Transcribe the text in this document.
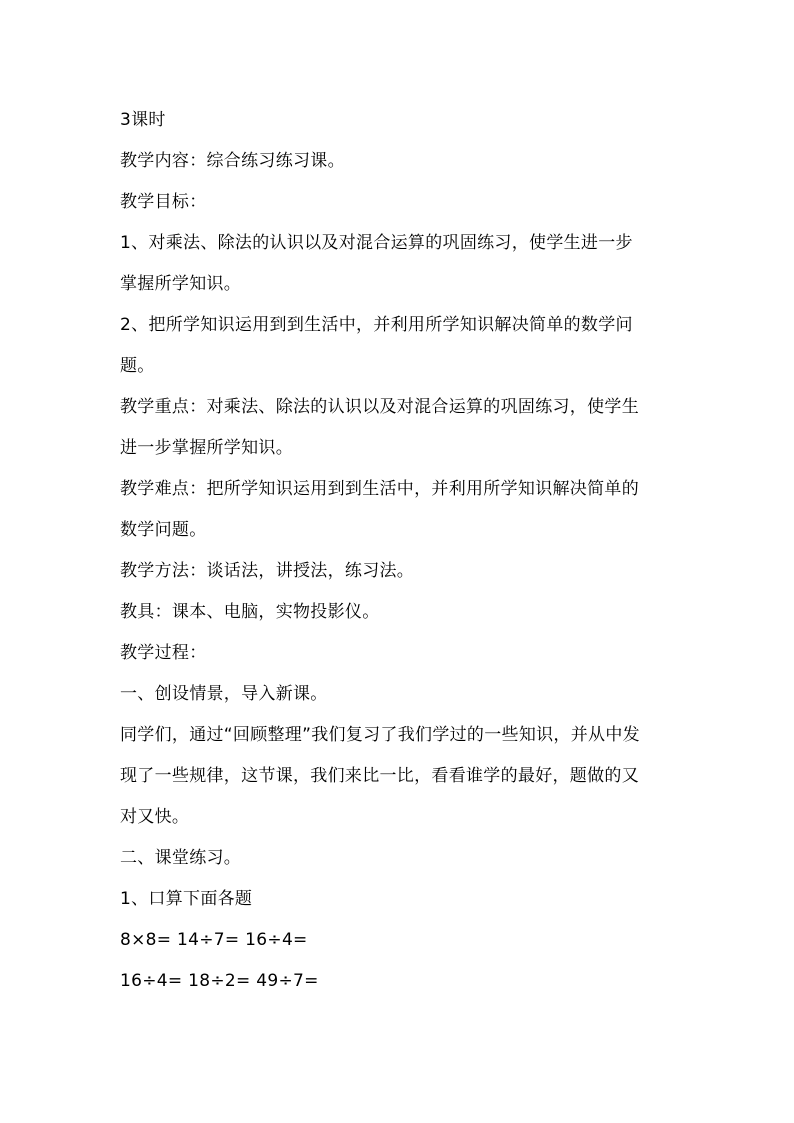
3课时
教学内容：综合练习练习课。
教学目标：
1、对乘法、除法的认识以及对混合运算的巩固练习，使学生进一步
掌握所学知识。
2、把所学知识运用到到生活中，并利用所学知识解决简单的数学问
题。
教学重点：对乘法、除法的认识以及对混合运算的巩固练习，使学生
进一步掌握所学知识。
教学难点：把所学知识运用到到生活中，并利用所学知识解决简单的
数学问题。
教学方法：谈话法，讲授法，练习法。
教具：课本、电脑，实物投影仪。
教学过程：
一、创设情景，导入新课。
同学们，通过“回顾整理”我们复习了我们学过的一些知识，并从中发
现了一些规律，这节课，我们来比一比，看看谁学的最好，题做的又
对又快。
二、课堂练习。
1、口算下面各题
8×8= 14÷7= 16÷4=
16÷4= 18÷2= 49÷7=
